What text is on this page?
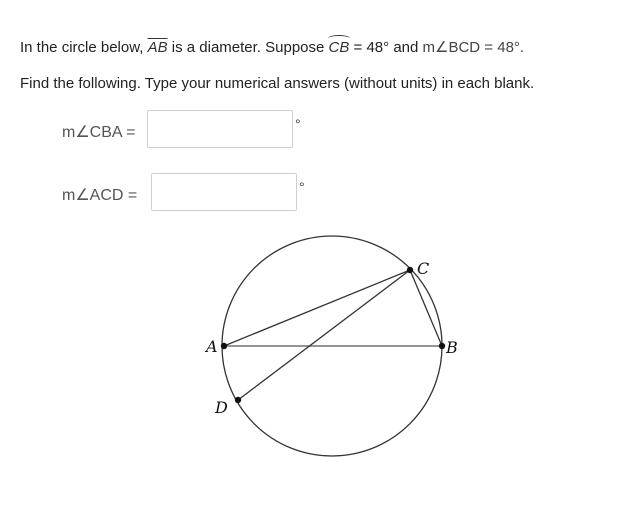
In the circle below, $\overline{AB}$ is a diameter. Suppose CB = 48° and m∠BCD = 48°.
Find the following. Type your numerical answers (without units) in each blank.
m∠CBA =	°
m∠ACD =	°
A	B
C
D
